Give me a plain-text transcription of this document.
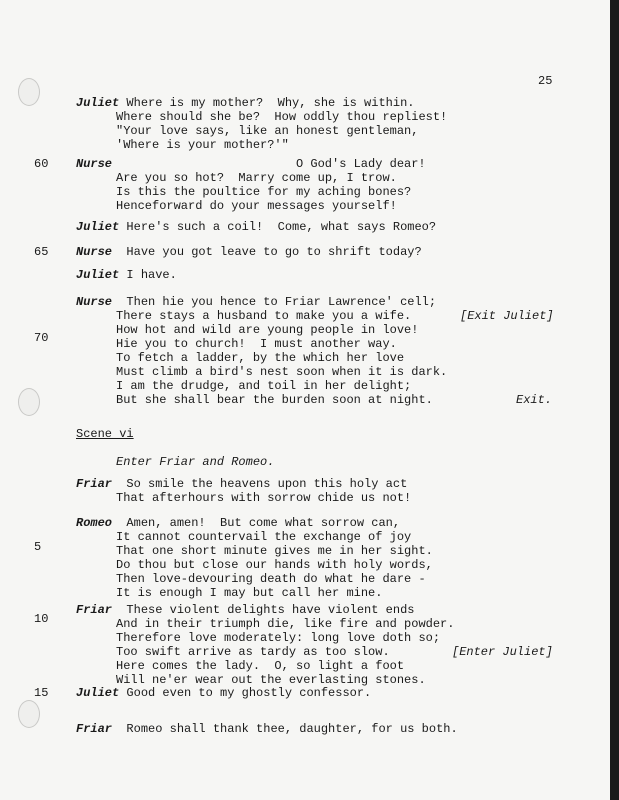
25
60
65
70
5
10
15
Juliet Where is my mother?  Why, she is within.
Where should she be?  How oddly thou repliest!
"Your love says, like an honest gentleman,
'Where is your mother?'"
Nurse	O God's Lady dear!
Are you so hot?  Marry come up, I trow.
Is this the poultice for my aching bones?
Henceforward do your messages yourself!
Juliet Here's such a coil!  Come, what says Romeo?
Nurse Have you got leave to go to shrift today?
Juliet I have.
Nurse Then hie you hence to Friar Lawrence' cell;
There stays a husband to make you a wife.	[Exit Juliet]
How hot and wild are young people in love!
Hie you to church!  I must another way.
To fetch a ladder, by the which her love
Must climb a bird's nest soon when it is dark.
I am the drudge, and toil in her delight;
But she shall bear the burden soon at night.	Exit.
Scene vi
Enter Friar and Romeo.
Friar So smile the heavens upon this holy act
That afterhours with sorrow chide us not!
Romeo Amen, amen!  But come what sorrow can,
It cannot countervail the exchange of joy
That one short minute gives me in her sight.
Do thou but close our hands with holy words,
Then love-devouring death do what he dare -
It is enough I may but call her mine.
Friar These violent delights have violent ends
And in their triumph die, like fire and powder.
Therefore love moderately: long love doth so;
Too swift arrive as tardy as too slow.	[Enter Juliet]
Here comes the lady.  O, so light a foot
Will ne'er wear out the everlasting stones.
Juliet Good even to my ghostly confessor.
Friar Romeo shall thank thee, daughter, for us both.
